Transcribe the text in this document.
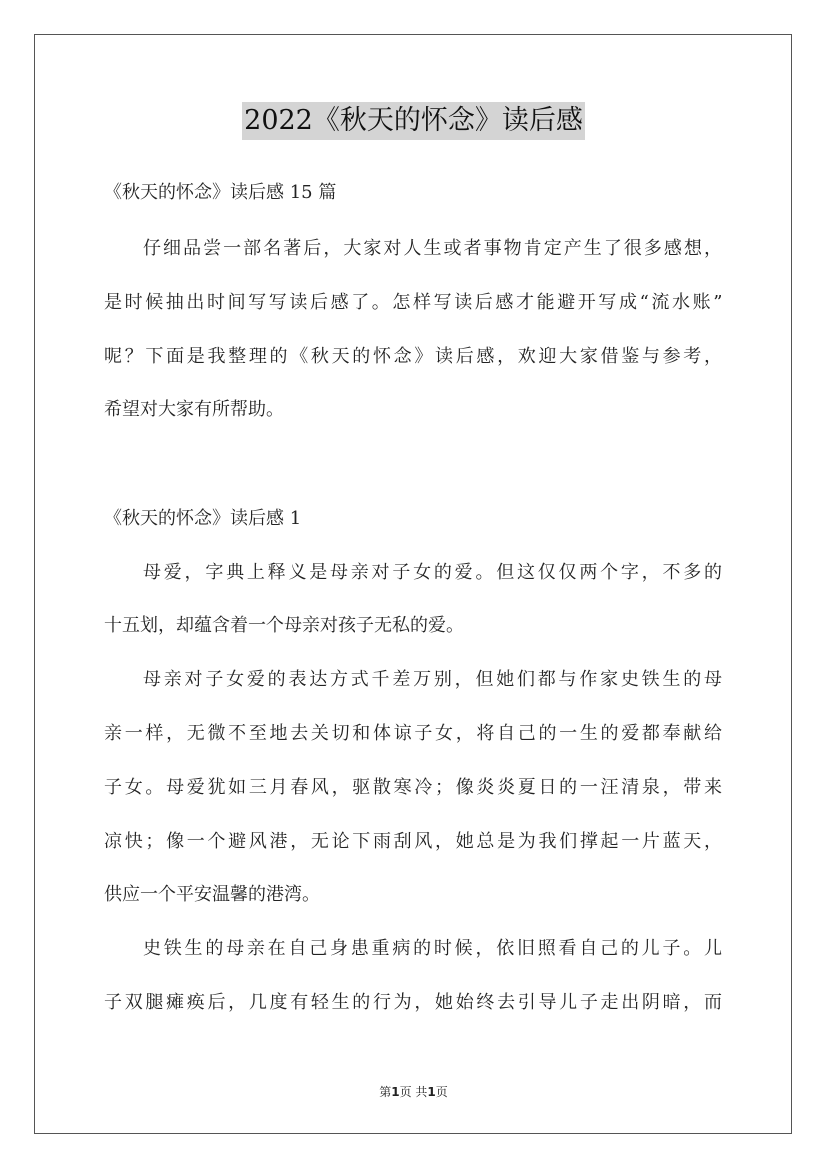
2022《秋天的怀念》读后感
《秋天的怀念》读后感 15 篇
仔细品尝一部名著后，大家对人生或者事物肯定产生了很多感想，
是时候抽出时间写写读后感了。怎样写读后感才能避开写成“流水账”
呢？下面是我整理的《秋天的怀念》读后感，欢迎大家借鉴与参考，
希望对大家有所帮助。
《秋天的怀念》读后感 1
母爱，字典上释义是母亲对子女的爱。但这仅仅两个字，不多的
十五划，却蕴含着一个母亲对孩子无私的爱。
母亲对子女爱的表达方式千差万别，但她们都与作家史铁生的母
亲一样，无微不至地去关切和体谅子女，将自己的一生的爱都奉献给
子女。母爱犹如三月春风，驱散寒冷；像炎炎夏日的一汪清泉，带来
凉快；像一个避风港，无论下雨刮风，她总是为我们撑起一片蓝天，
供应一个平安温馨的港湾。
史铁生的母亲在自己身患重病的时候，依旧照看自己的儿子。儿
子双腿瘫痪后，几度有轻生的行为，她始终去引导儿子走出阴暗，而
第1页 共1页
